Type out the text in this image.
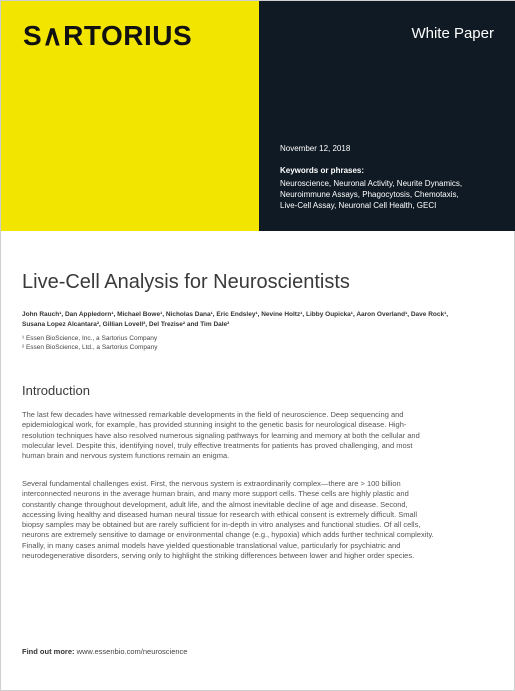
S∧RTORIUS	White Paper
November 12, 2018
Keywords or phrases:
Neuroscience, Neuronal Activity, Neurite Dynamics,
Neuroimmune Assays, Phagocytosis, Chemotaxis,
Live-Cell Assay, Neuronal Cell Health, GECI
Live-Cell Analysis for Neuroscientists
John Rauch¹, Dan Appledorn¹, Michael Bowe¹, Nicholas Dana¹, Eric Endsley¹, Nevine Holtz¹, Libby Oupicka¹, Aaron Overland¹, Dave Rock¹,
Susana Lopez Alcantara², Gillian Lovell², Del Trezise² and Tim Dale²
¹ Essen BioScience, Inc., a Sartorius Company
² Essen BioScience, Ltd., a Sartorius Company
Introduction
The last few decades have witnessed remarkable developments in the field of neuroscience. Deep sequencing and
epidemiological work, for example, has provided stunning insight to the genetic basis for neurological disease. High-
resolution techniques have also resolved numerous signaling pathways for learning and memory at both the cellular and
molecular level. Despite this, identifying novel, truly effective treatments for patients has proved challenging, and most
human brain and nervous system functions remain an enigma.
Several fundamental challenges exist. First, the nervous system is extraordinarily complex—there are > 100 billion
interconnected neurons in the average human brain, and many more support cells. These cells are highly plastic and
constantly change throughout development, adult life, and the almost inevitable decline of age and disease. Second,
accessing living healthy and diseased human neural tissue for research with ethical consent is extremely difficult. Small
biopsy samples may be obtained but are rarely sufficient for in-depth in vitro analyses and functional studies. Of all cells,
neurons are extremely sensitive to damage or environmental change (e.g., hypoxia) which adds further technical complexity.
Finally, in many cases animal models have yielded questionable translational value, particularly for psychiatric and
neurodegenerative disorders, serving only to highlight the striking differences between lower and higher order species.
Find out more: www.essenbio.com/neuroscience
